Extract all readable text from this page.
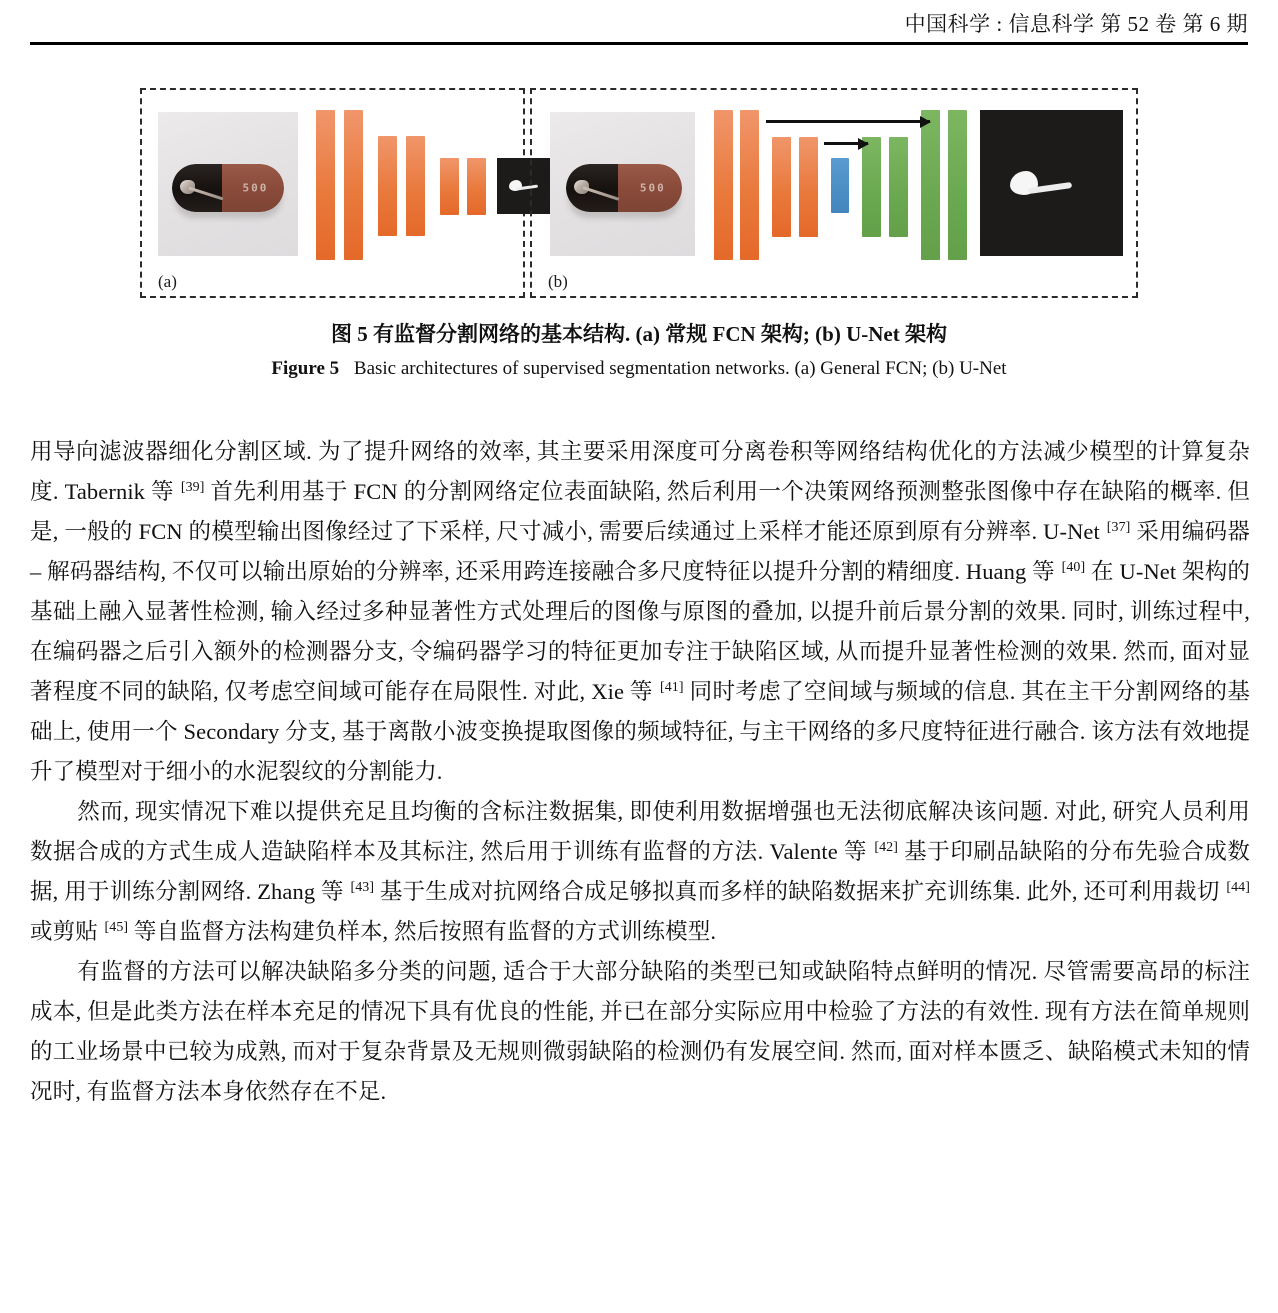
中国科学 : 信息科学 第 52 卷 第 6 期
500
(a)
500
(b)
图 5 有监督分割网络的基本结构. (a) 常规 FCN 架构; (b) U-Net 架构
Figure 5 Basic architectures of supervised segmentation networks. (a) General FCN; (b) U-Net

用导向滤波器细化分割区域. 为了提升网络的效率, 其主要采用深度可分离卷积等网络结构优化的方法减少模型的计算复杂度. Tabernik 等 [39] 首先利用基于 FCN 的分割网络定位表面缺陷, 然后利用一个决策网络预测整张图像中存在缺陷的概率. 但是, 一般的 FCN 的模型输出图像经过了下采样, 尺寸减小, 需要后续通过上采样才能还原到原有分辨率. U-Net [37] 采用编码器 – 解码器结构, 不仅可以输出原始的分辨率, 还采用跨连接融合多尺度特征以提升分割的精细度. Huang 等 [40] 在 U-Net 架构的基础上融入显著性检测, 输入经过多种显著性方式处理后的图像与原图的叠加, 以提升前后景分割的效果. 同时, 训练过程中, 在编码器之后引入额外的检测器分支, 令编码器学习的特征更加专注于缺陷区域, 从而提升显著性检测的效果. 然而, 面对显著程度不同的缺陷, 仅考虑空间域可能存在局限性. 对此, Xie 等 [41] 同时考虑了空间域与频域的信息. 其在主干分割网络的基础上, 使用一个 Secondary 分支, 基于离散小波变换提取图像的频域特征, 与主干网络的多尺度特征进行融合. 该方法有效地提升了模型对于细小的水泥裂纹的分割能力.

然而, 现实情况下难以提供充足且均衡的含标注数据集, 即使利用数据增强也无法彻底解决该问题. 对此, 研究人员利用数据合成的方式生成人造缺陷样本及其标注, 然后用于训练有监督的方法. Valente 等 [42] 基于印刷品缺陷的分布先验合成数据, 用于训练分割网络. Zhang 等 [43] 基于生成对抗网络合成足够拟真而多样的缺陷数据来扩充训练集. 此外, 还可利用裁切 [44] 或剪贴 [45] 等自监督方法构建负样本, 然后按照有监督的方式训练模型.

有监督的方法可以解决缺陷多分类的问题, 适合于大部分缺陷的类型已知或缺陷特点鲜明的情况. 尽管需要高昂的标注成本, 但是此类方法在样本充足的情况下具有优良的性能, 并已在部分实际应用中检验了方法的有效性. 现有方法在简单规则的工业场景中已较为成熟, 而对于复杂背景及无规则微弱缺陷的检测仍有发展空间. 然而, 面对样本匮乏、缺陷模式未知的情况时, 有监督方法本身依然存在不足.
